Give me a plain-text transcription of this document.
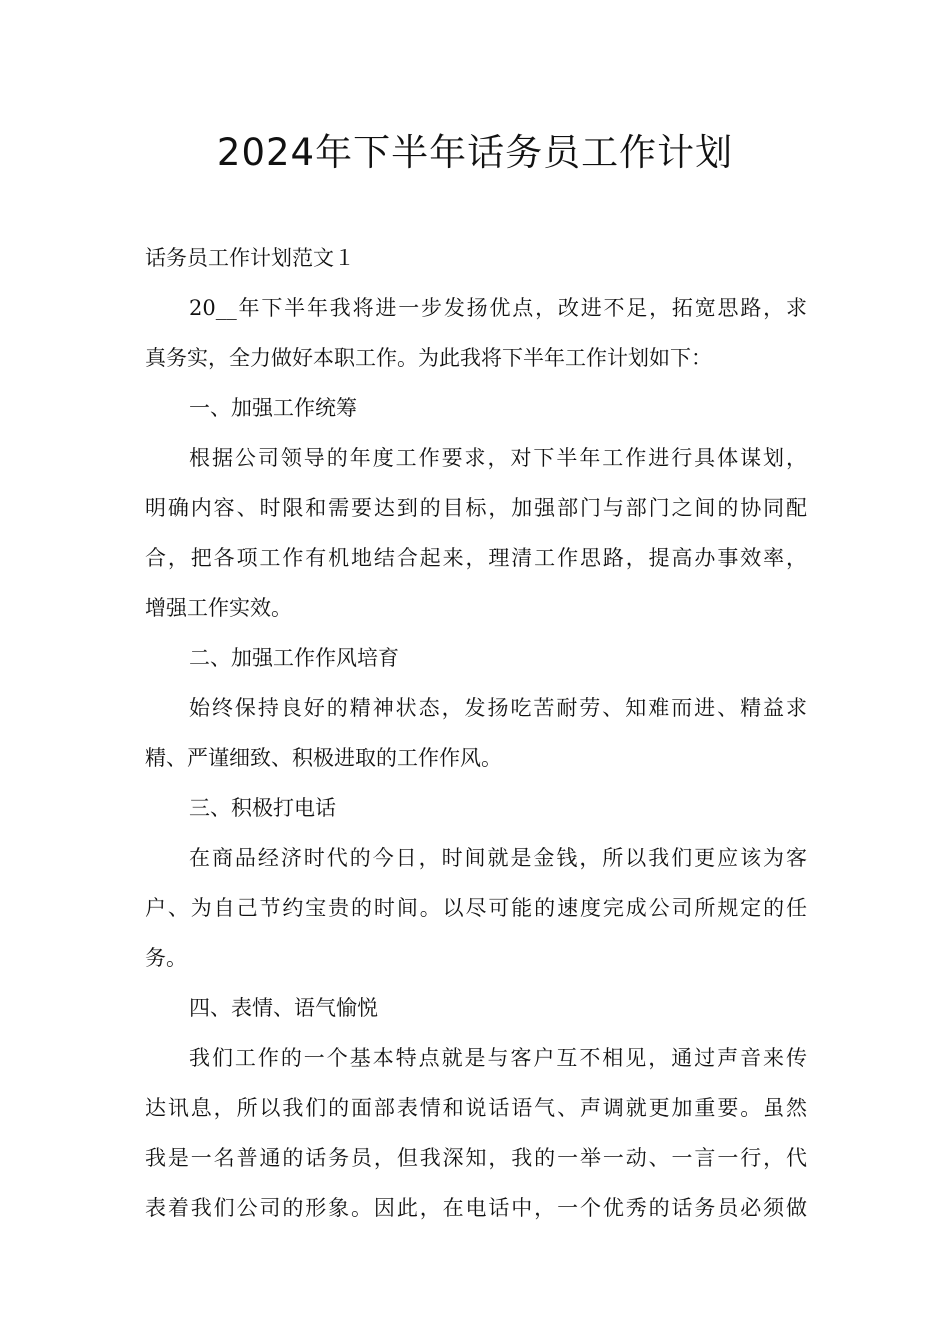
2024年下半年话务员工作计划

话务员工作计划范文１

20__年下半年我将进一步发扬优点，改进不足，拓宽思路，求

真务实，全力做好本职工作。为此我将下半年工作计划如下：

一、加强工作统筹

根据公司领导的年度工作要求，对下半年工作进行具体谋划，

明确内容、时限和需要达到的目标，加强部门与部门之间的协同配

合，把各项工作有机地结合起来，理清工作思路，提高办事效率，

增强工作实效。

二、加强工作作风培育

始终保持良好的精神状态，发扬吃苦耐劳、知难而进、精益求

精、严谨细致、积极进取的工作作风。

三、积极打电话

在商品经济时代的今日，时间就是金钱，所以我们更应该为客

户、为自己节约宝贵的时间。以尽可能的速度完成公司所规定的任

务。

四、表情、语气愉悦

我们工作的一个基本特点就是与客户互不相见，通过声音来传

达讯息，所以我们的面部表情和说话语气、声调就更加重要。虽然

我是一名普通的话务员，但我深知，我的一举一动、一言一行，代

表着我们公司的形象。因此，在电话中，一个优秀的话务员必须做
